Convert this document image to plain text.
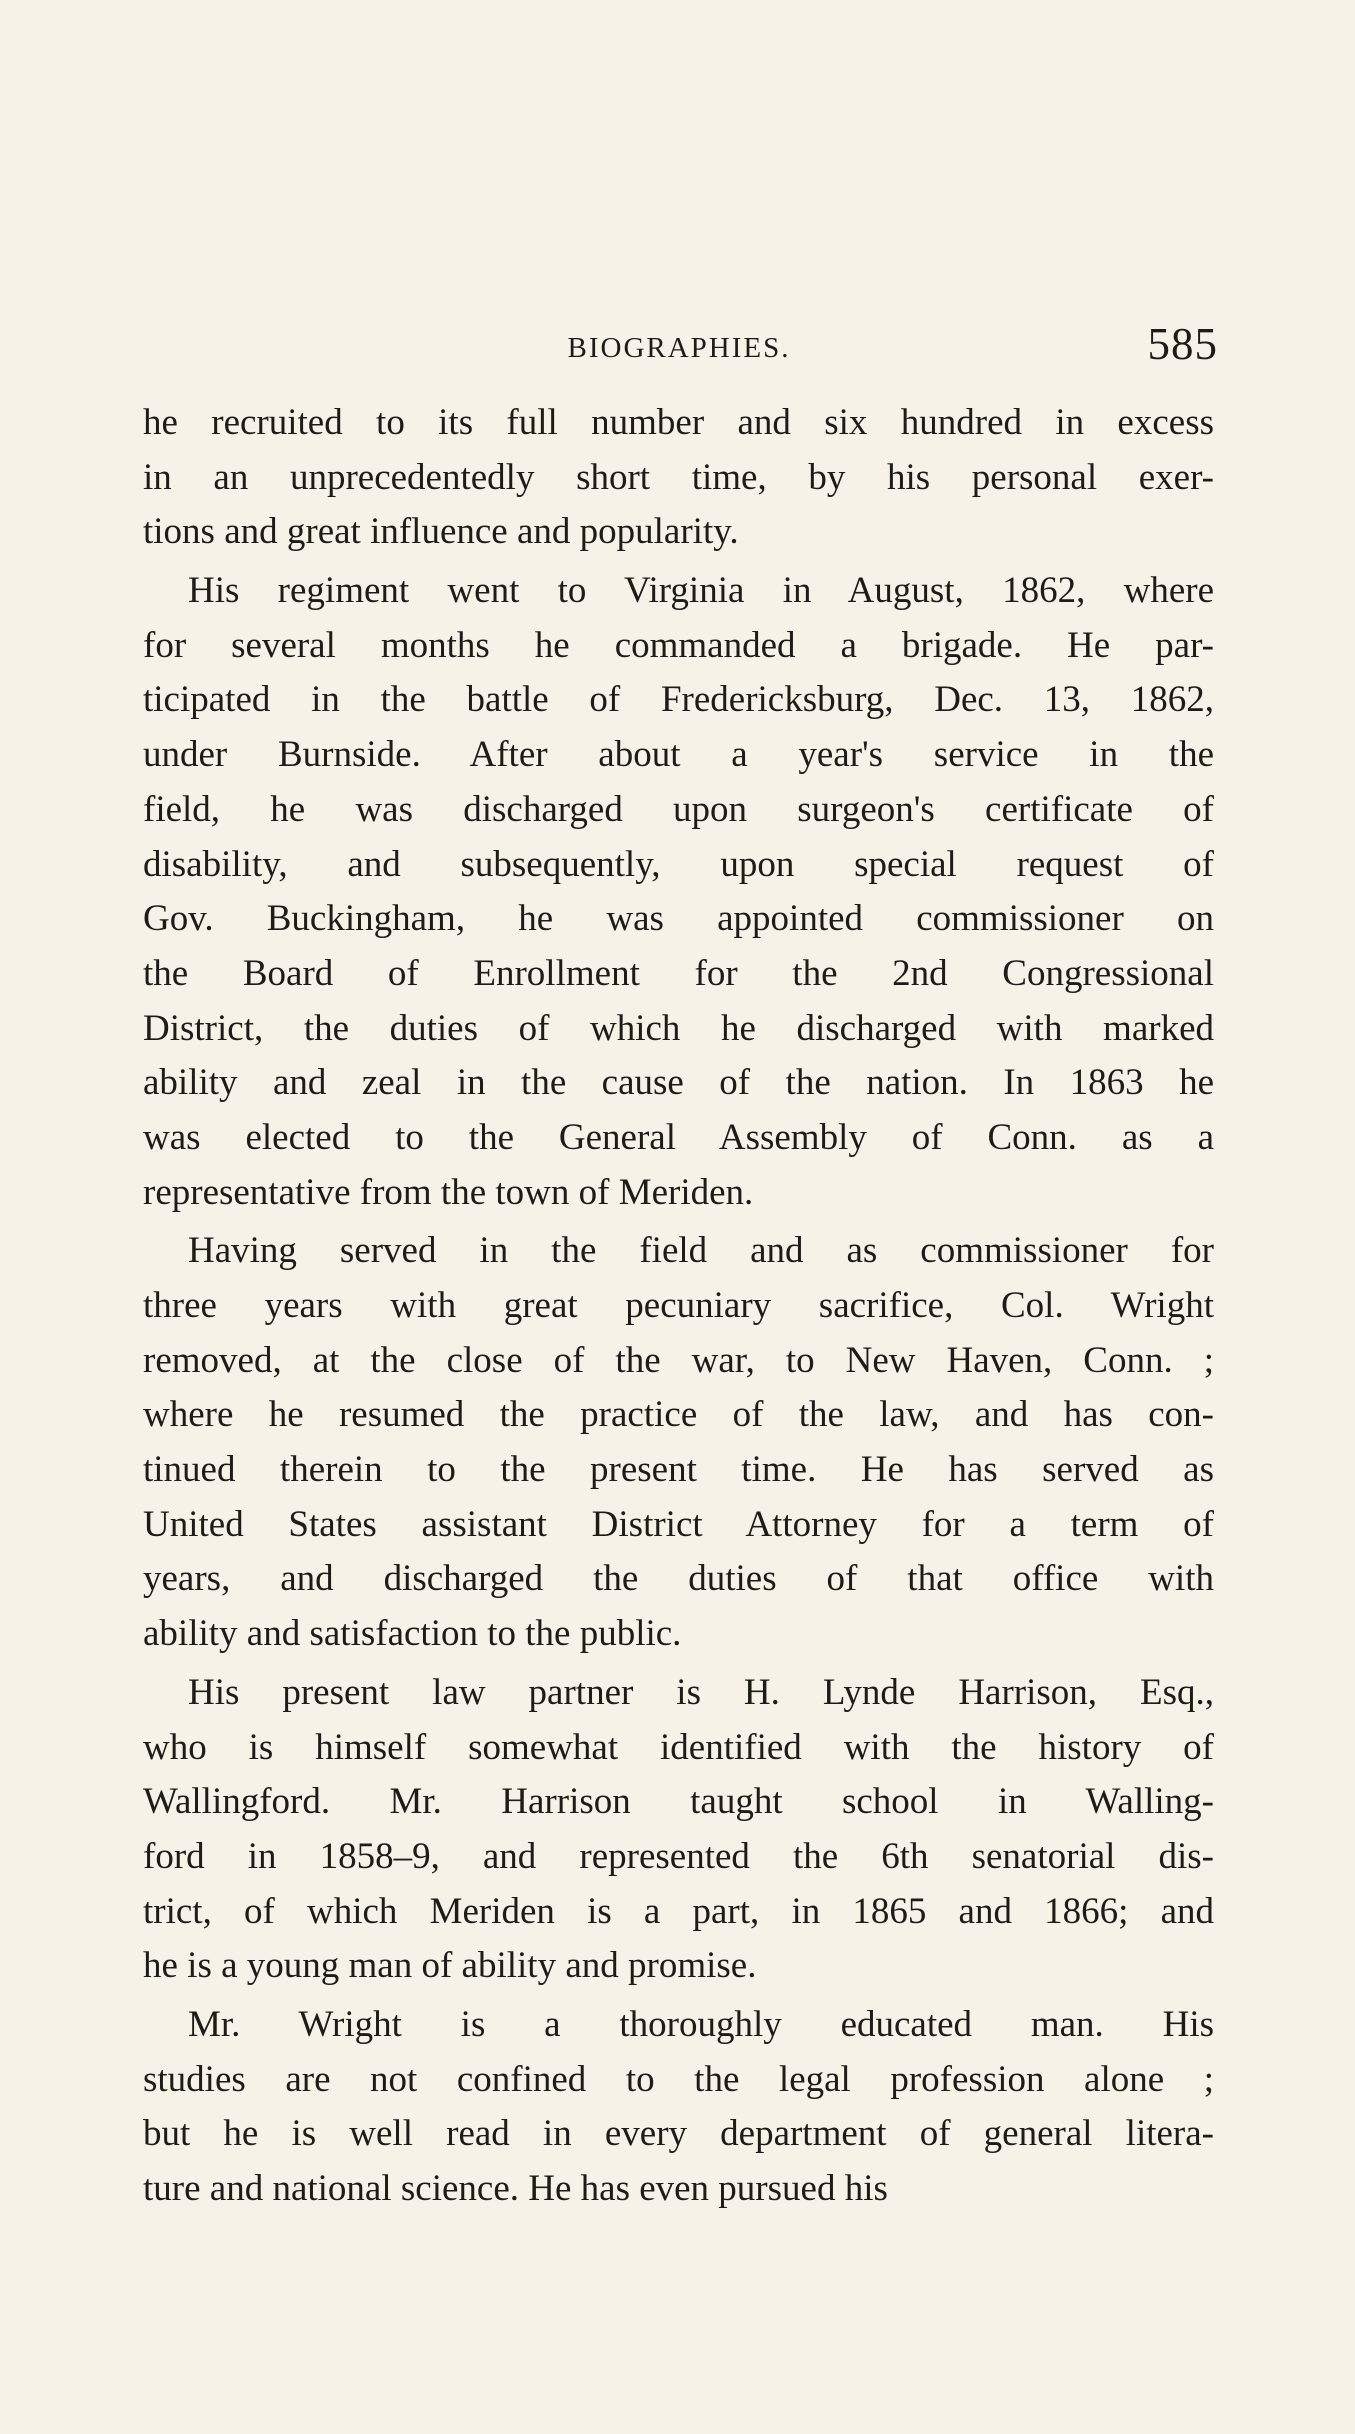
BIOGRAPHIES.	585
he recruited to its full number and six hundred in excess
in an unprecedentedly short time, by his personal exer-
tions and great influence and popularity.
His regiment went to Virginia in August, 1862, where
for several months he commanded a brigade. He par-
ticipated in the battle of Fredericksburg, Dec. 13, 1862,
under Burnside. After about a year's service in the
field, he was discharged upon surgeon's certificate of
disability, and subsequently, upon special request of
Gov. Buckingham, he was appointed commissioner on
the Board of Enrollment for the 2nd Congressional
District, the duties of which he discharged with marked
ability and zeal in the cause of the nation. In 1863 he
was elected to the General Assembly of Conn. as a
representative from the town of Meriden.
Having served in the field and as commissioner for
three years with great pecuniary sacrifice, Col. Wright
removed, at the close of the war, to New Haven, Conn. ;
where he resumed the practice of the law, and has con-
tinued therein to the present time. He has served as
United States assistant District Attorney for a term of
years, and discharged the duties of that office with
ability and satisfaction to the public.
His present law partner is H. Lynde Harrison, Esq.,
who is himself somewhat identified with the history of
Wallingford. Mr. Harrison taught school in Walling-
ford in 1858–9, and represented the 6th senatorial dis-
trict, of which Meriden is a part, in 1865 and 1866; and
he is a young man of ability and promise.
Mr. Wright is a thoroughly educated man. His
studies are not confined to the legal profession alone ;
but he is well read in every department of general litera-
ture and national science. He has even pursued his
